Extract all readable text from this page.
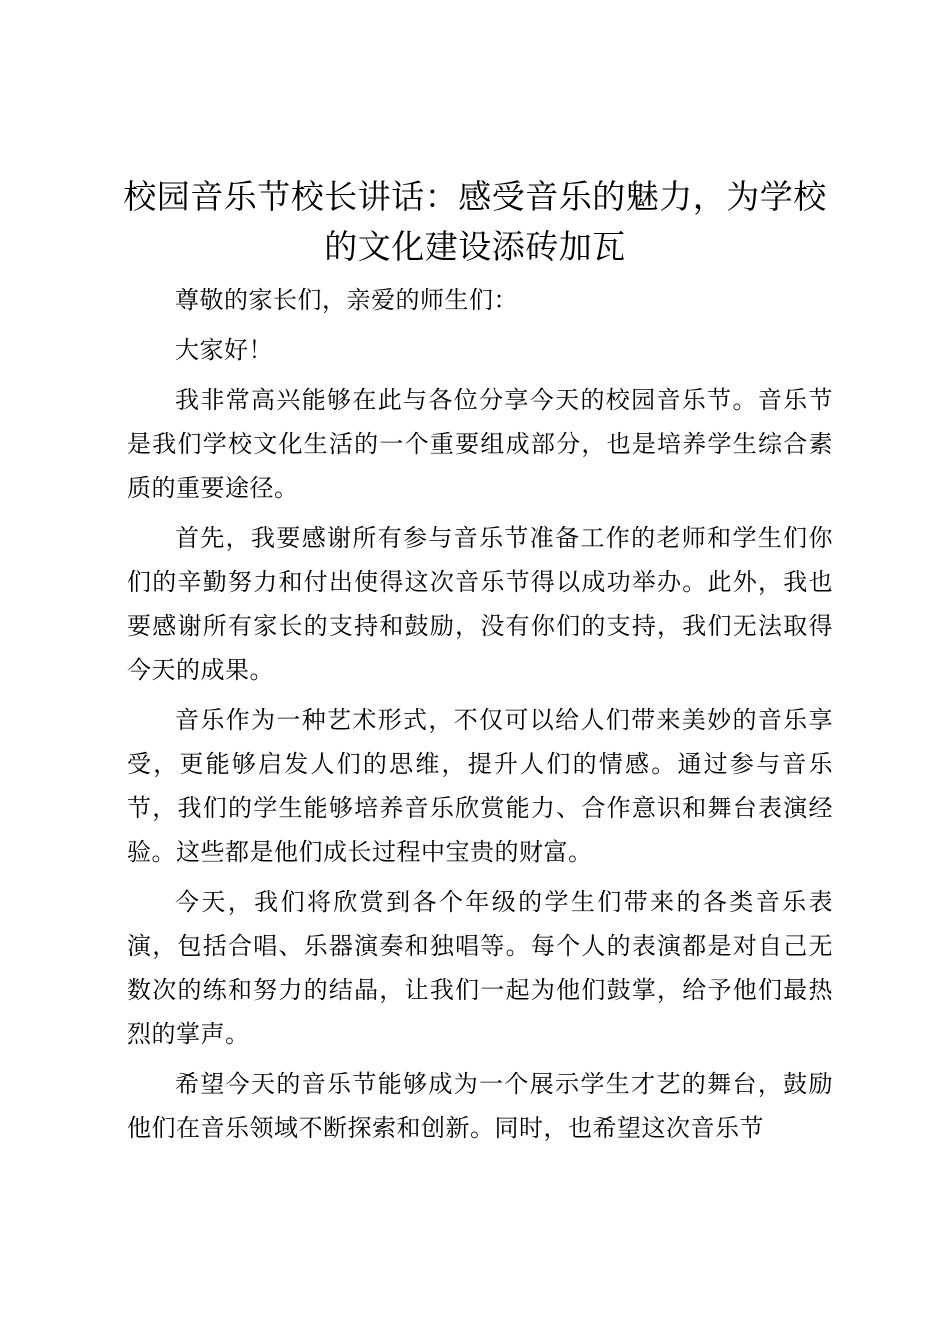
校园音乐节校长讲话：感受音乐的魅力，为学校的文化建设添砖加瓦

尊敬的家长们，亲爱的师生们：

大家好！

我非常高兴能够在此与各位分享今天的校园音乐节。音乐节是我们学校文化生活的一个重要组成部分，也是培养学生综合素质的重要途径。

首先，我要感谢所有参与音乐节准备工作的老师和学生们你们的辛勤努力和付出使得这次音乐节得以成功举办。此外，我也要感谢所有家长的支持和鼓励，没有你们的支持，我们无法取得今天的成果。

音乐作为一种艺术形式，不仅可以给人们带来美妙的音乐享受，更能够启发人们的思维，提升人们的情感。通过参与音乐节，我们的学生能够培养音乐欣赏能力、合作意识和舞台表演经验。这些都是他们成长过程中宝贵的财富。

今天，我们将欣赏到各个年级的学生们带来的各类音乐表演，包括合唱、乐器演奏和独唱等。每个人的表演都是对自己无数次的练和努力的结晶，让我们一起为他们鼓掌，给予他们最热烈的掌声。

希望今天的音乐节能够成为一个展示学生才艺的舞台，鼓励他们在音乐领域不断探索和创新。同时，也希望这次音乐节
